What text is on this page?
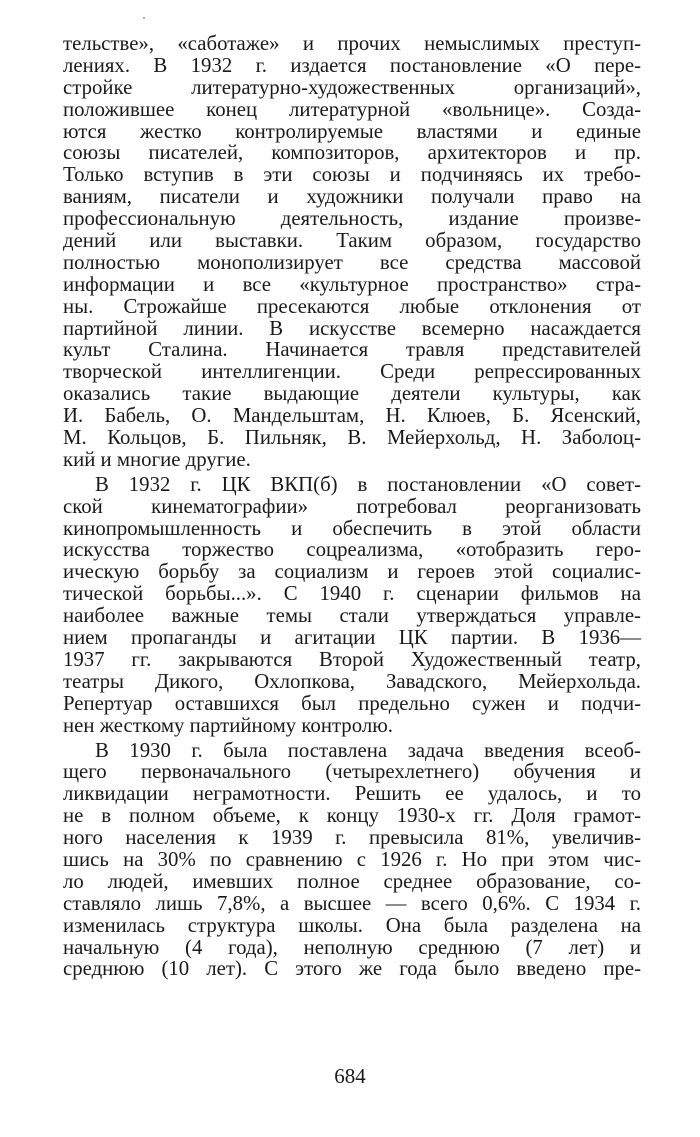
тельстве», «саботаже» и прочих немыслимых преступ-
лениях. В 1932 г. издается постановление «О пере-
стройке литературно-художественных организаций»,
положившее конец литературной «вольнице». Созда-
ются жестко контролируемые властями и единые
союзы писателей, композиторов, архитекторов и пр.
Только вступив в эти союзы и подчиняясь их требо-
ваниям, писатели и художники получали право на
профессиональную деятельность, издание произве-
дений или выставки. Таким образом, государство
полностью монополизирует все средства массовой
информации и все «культурное пространство» стра-
ны. Строжайше пресекаются любые отклонения от
партийной линии. В искусстве всемерно насаждается
культ Сталина. Начинается травля представителей
творческой интеллигенции. Среди репрессированных
оказались такие выдающие деятели культуры, как
И. Бабель, О. Мандельштам, Н. Клюев, Б. Ясенский,
М. Кольцов, Б. Пильняк, В. Мейерхольд, Н. Заболоц-
кий и многие другие.
В 1932 г. ЦК ВКП(б) в постановлении «О совет-
ской кинематографии» потребовал реорганизовать
кинопромышленность и обеспечить в этой области
искусства торжество соцреализма, «отобразить геро-
ическую борьбу за социализм и героев этой социалис-
тической борьбы...». С 1940 г. сценарии фильмов на
наиболее важные темы стали утверждаться управле-
нием пропаганды и агитации ЦК партии. В 1936—
1937 гг. закрываются Второй Художественный театр,
театры Дикого, Охлопкова, Завадского, Мейерхольда.
Репертуар оставшихся был предельно сужен и подчи-
нен жесткому партийному контролю.
В 1930 г. была поставлена задача введения всеоб-
щего первоначального (четырехлетнего) обучения и
ликвидации неграмотности. Решить ее удалось, и то
не в полном объеме, к концу 1930-х гг. Доля грамот-
ного населения к 1939 г. превысила 81%, увеличив-
шись на 30% по сравнению с 1926 г. Но при этом чис-
ло людей, имевших полное среднее образование, со-
ставляло лишь 7,8%, а высшее — всего 0,6%. С 1934 г.
изменилась структура школы. Она была разделена на
начальную (4 года), неполную среднюю (7 лет) и
среднюю (10 лет). С этого же года было введено пре-
684
